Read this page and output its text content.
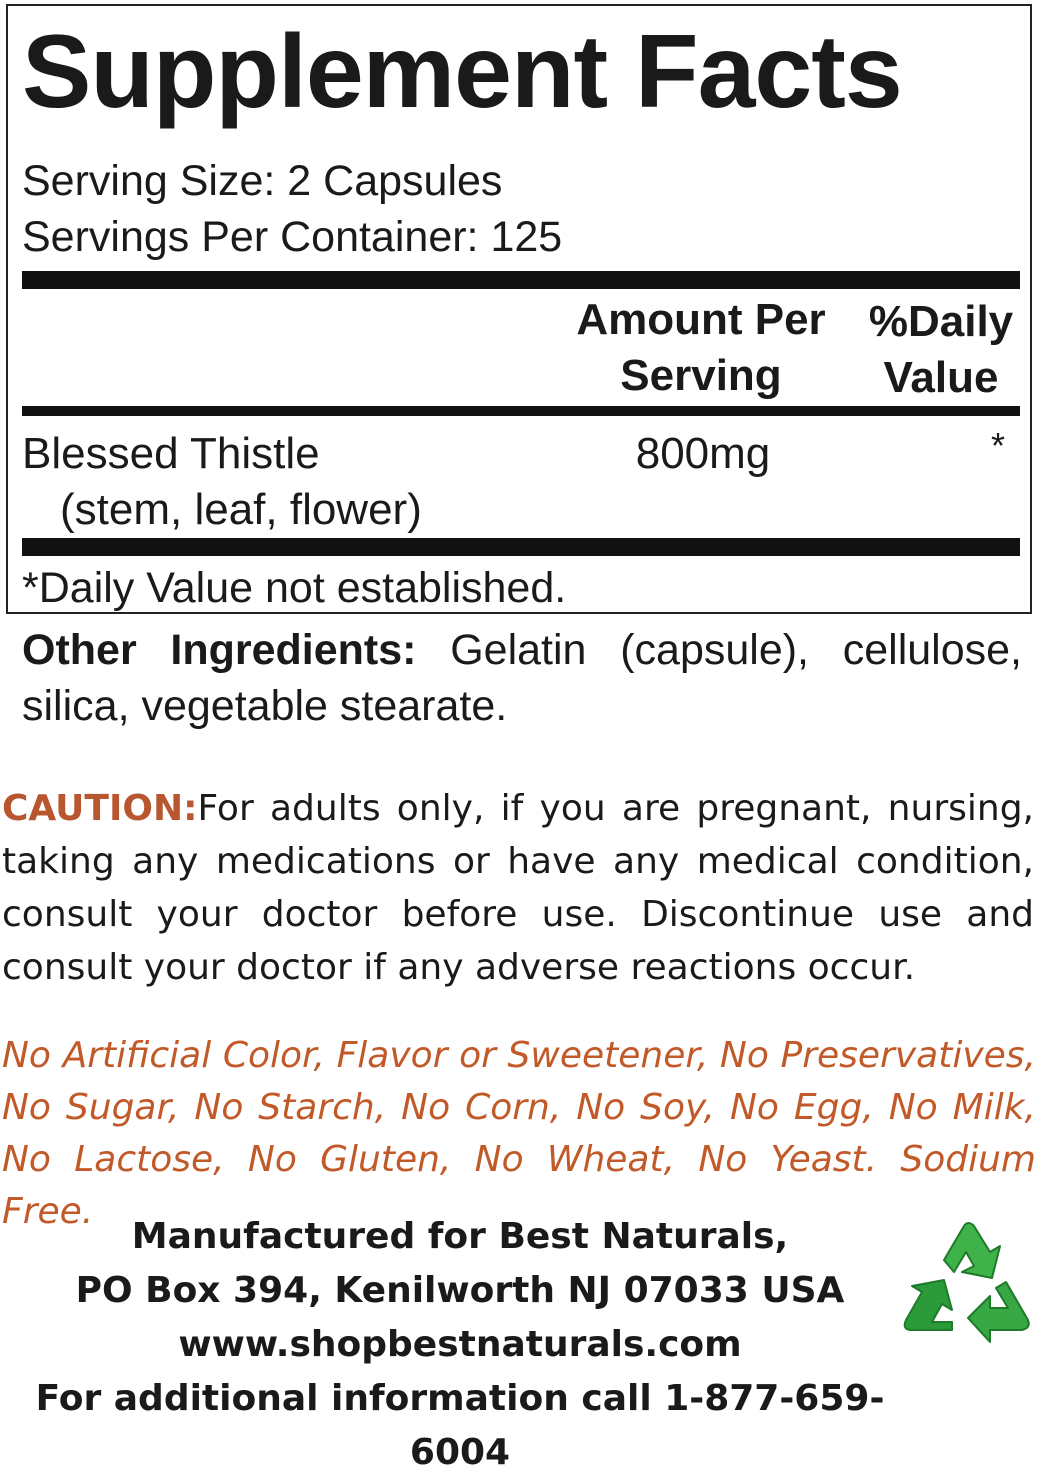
Supplement Facts

Serving Size: 2 Capsules

Servings Per Container: 125

Amount Per
Serving

%Daily
Value

Blessed Thistle
(stem, leaf, flower)

800mg	*

*Daily Value not established.

Other Ingredients: Gelatin (capsule), cellulose, silica, vegetable stearate.

CAUTION:For adults only, if you are pregnant, nursing, taking any medications or have any medical condition, consult your doctor before use. Discontinue use and consult your doctor if any adverse reactions occur.

No Artificial Color, Flavor or Sweetener, No Preservatives, No Sugar, No Starch, No Corn, No Soy, No Egg, No Milk, No Lactose, No Gluten, No Wheat, No Yeast. Sodium Free.

Manufactured for Best Naturals,
PO Box 394, Kenilworth NJ 07033 USA
www.shopbestnaturals.com
For additional information call 1-877-659-6004
